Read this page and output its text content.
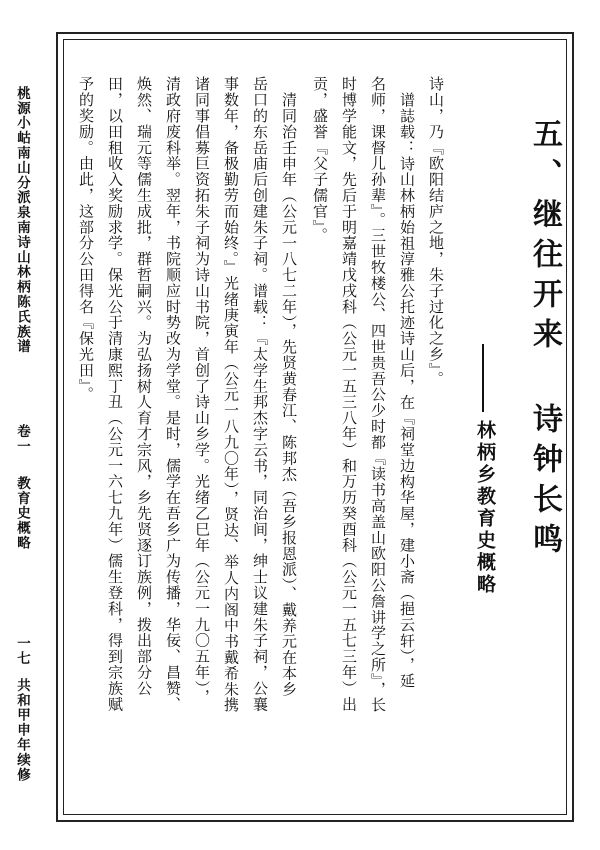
桃源小岵南山分派泉南诗山林柄陈氏族谱
卷一
教育史概略
一七
共和甲申年续修
五、继往开来 诗钟长鸣
林柄乡教育史概略
诗山，乃『欧阳结庐之地，朱子过化之乡』。
谱誌载：诗山林柄始祖淳雅公托迹诗山后，在『祠堂边构华屋，建小斋（挹云轩），延
名师，课督儿孙辈』。三世牧楼公、四世贵吾公少时都『读书高盖山欧阳公詹讲学之所』，长
时博学能文，先后于明嘉靖戊戌科（公元一五三八年）和万历癸酉科（公元一五七三年）出
贡，盛誉『父子儒官』。
清同治壬申年（公元一八七二年），先贤黄春江、陈邦杰（吾乡报恩派）、戴养元在本乡
岳口的东岳庙后创建朱子祠。谱载：『太学生邦杰字云书，同治间，绅士议建朱子祠，公襄
事数年，备极勤劳而始终。』光绪庚寅年（公元一八九〇年），贤达、举人内阁中书戴希朱携
诸同事倡募巨资拓朱子祠为诗山书院，首创了诗山乡学。光绪乙巳年（公元一九〇五年），
清政府废科举。翌年，书院顺应时势改为学堂。是时，儒学在吾乡广为传播，华佞、昌赞、
焕然、瑞元等儒生成批，群哲嗣兴。为弘扬树人育才宗风，乡先贤逐订族例，拨出部分公
田，以田租收入奖励求学。保光公于清康熙丁丑（公元一六七九年）儒生登科，得到宗族赋
予的奖励。由此，这部分公田得名『保光田』。
